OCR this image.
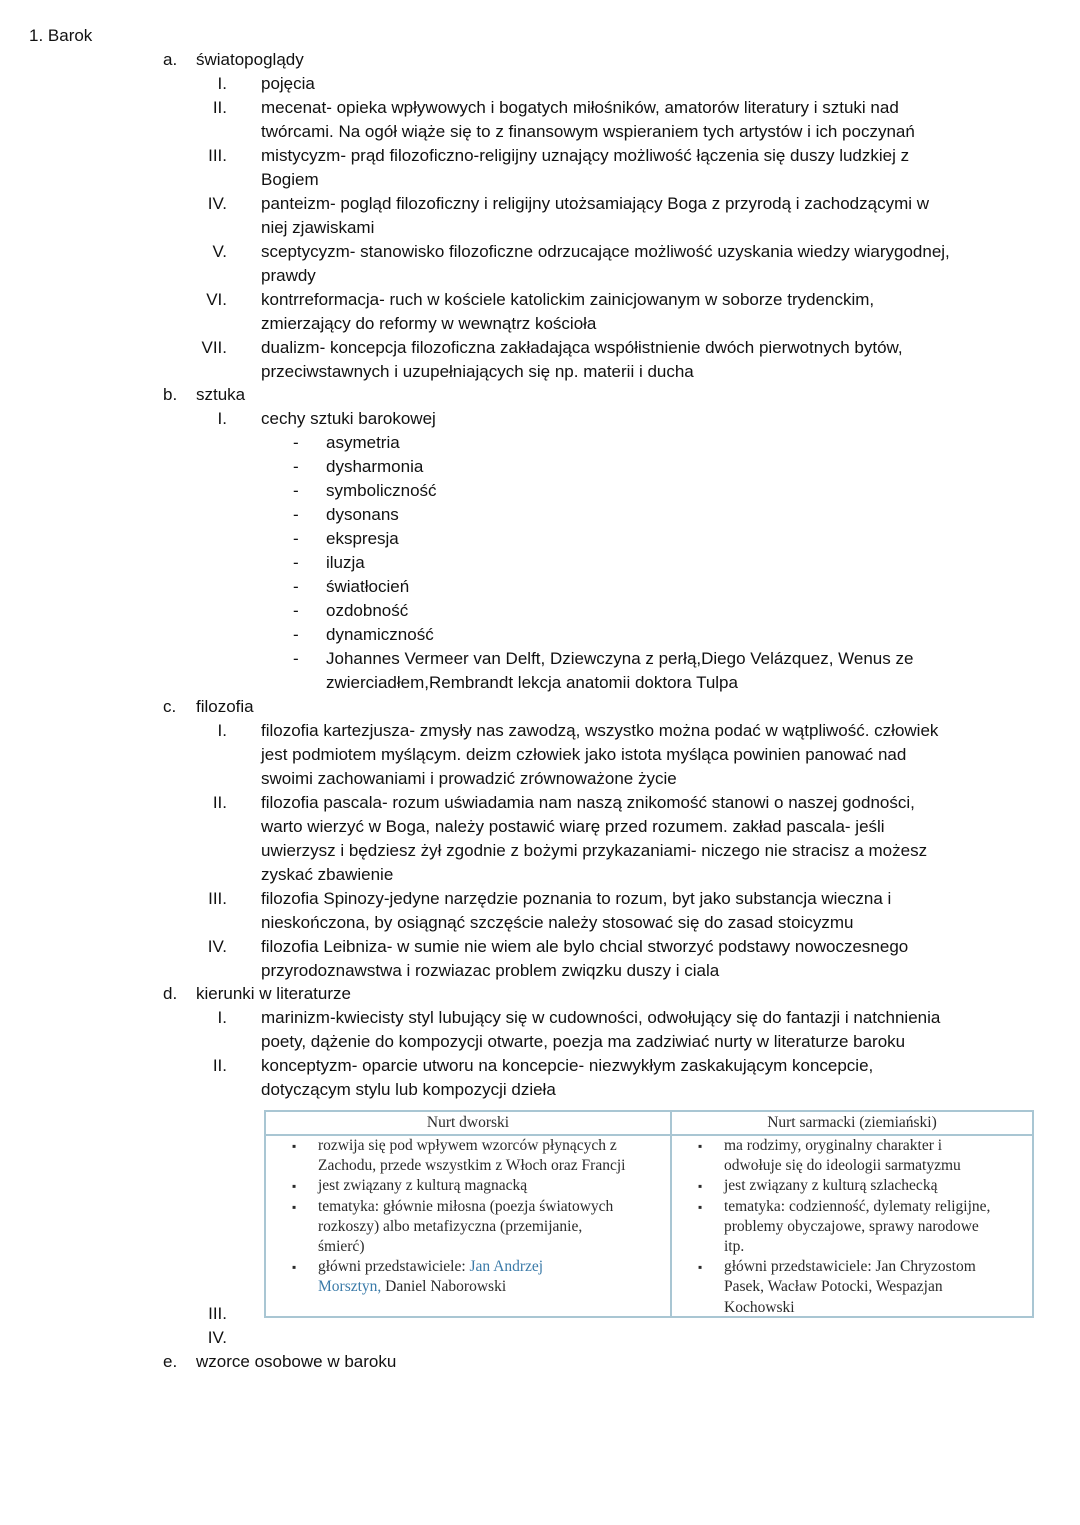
1. Barok
a. światopoglądy
I. pojęcia
II. mecenat- opieka wpływowych i bogatych miłośników, amatorów literatury i sztuki nad
twórcami. Na ogół wiąże się to z finansowym wspieraniem tych artystów i ich poczynań
III. mistycyzm- prąd filozoficzno-religijny uznający możliwość łączenia się duszy ludzkiej z
Bogiem
IV. panteizm- pogląd filozoficzny i religijny utożsamiający Boga z przyrodą i zachodzącymi w
niej zjawiskami
V. sceptycyzm- stanowisko filozoficzne odrzucające możliwość uzyskania wiedzy wiarygodnej,
prawdy
VI. kontrreformacja- ruch w kościele katolickim zainicjowanym w soborze trydenckim,
zmierzający do reformy w wewnątrz kościoła
VII. dualizm- koncepcja filozoficzna zakładająca współistnienie dwóch pierwotnych bytów,
przeciwstawnych i uzupełniających się np. materii i ducha
b. sztuka
I. cechy sztuki barokowej
- asymetria
- dysharmonia
- symboliczność
- dysonans
- ekspresja
- iluzja
- światłocień
- ozdobność
- dynamiczność
- Johannes Vermeer van Delft, Dziewczyna z perłą,Diego Velázquez, Wenus ze
zwierciadłem,Rembrandt lekcja anatomii doktora Tulpa
c. filozofia
I. filozofia kartezjusza- zmysły nas zawodzą, wszystko można podać w wątpliwość. człowiek
jest podmiotem myślącym. deizm człowiek jako istota myśląca powinien panować nad
swoimi zachowaniami i prowadzić zrównoważone życie
II. filozofia pascala- rozum uświadamia nam naszą znikomość stanowi o naszej godności,
warto wierzyć w Boga, należy postawić wiarę przed rozumem. zakład pascala- jeśli
uwierzysz i będziesz żył zgodnie z bożymi przykazaniami- niczego nie stracisz a możesz
zyskać zbawienie
III. filozofia Spinozy-jedyne narzędzie poznania to rozum, byt jako substancja wieczna i
nieskończona, by osiągnąć szczęście należy stosować się do zasad stoicyzmu
IV. filozofia Leibniza- w sumie nie wiem ale bylo chcial stworzyć podstawy nowoczesnego
przyrodoznawstwa i rozwiazac problem zwiqzku duszy i ciala
d. kierunki w literaturze
I. marinizm-kwiecisty styl lubujący się w cudowności, odwołujący się do fantazji i natchnienia
poety, dążenie do kompozycji otwarte, poezja ma zadziwiać nurty w literaturze baroku
II. konceptyzm- oparcie utworu na koncepcie- niezwykłym zaskakującym koncepcie,
dotyczącym stylu lub kompozycji dzieła
Nurt dworski	Nurt sarmacki (ziemiański)
▪ rozwija się pod wpływem wzorców płynących z
Zachodu, przede wszystkim z Włoch oraz Francji
▪ jest związany z kulturą magnacką
▪ tematyka: głównie miłosna (poezja światowych
rozkoszy) albo metafizyczna (przemijanie,
śmierć)
▪ główni przedstawiciele: Jan Andrzej
Morsztyn, Daniel Naborowski
▪ ma rodzimy, oryginalny charakter i
odwołuje się do ideologii sarmatyzmu
▪ jest związany z kulturą szlachecką
▪ tematyka: codzienność, dylematy religijne,
problemy obyczajowe, sprawy narodowe
itp.
▪ główni przedstawiciele: Jan Chryzostom
Pasek, Wacław Potocki, Wespazjan
Kochowski
III.
IV.
e. wzorce osobowe w baroku
